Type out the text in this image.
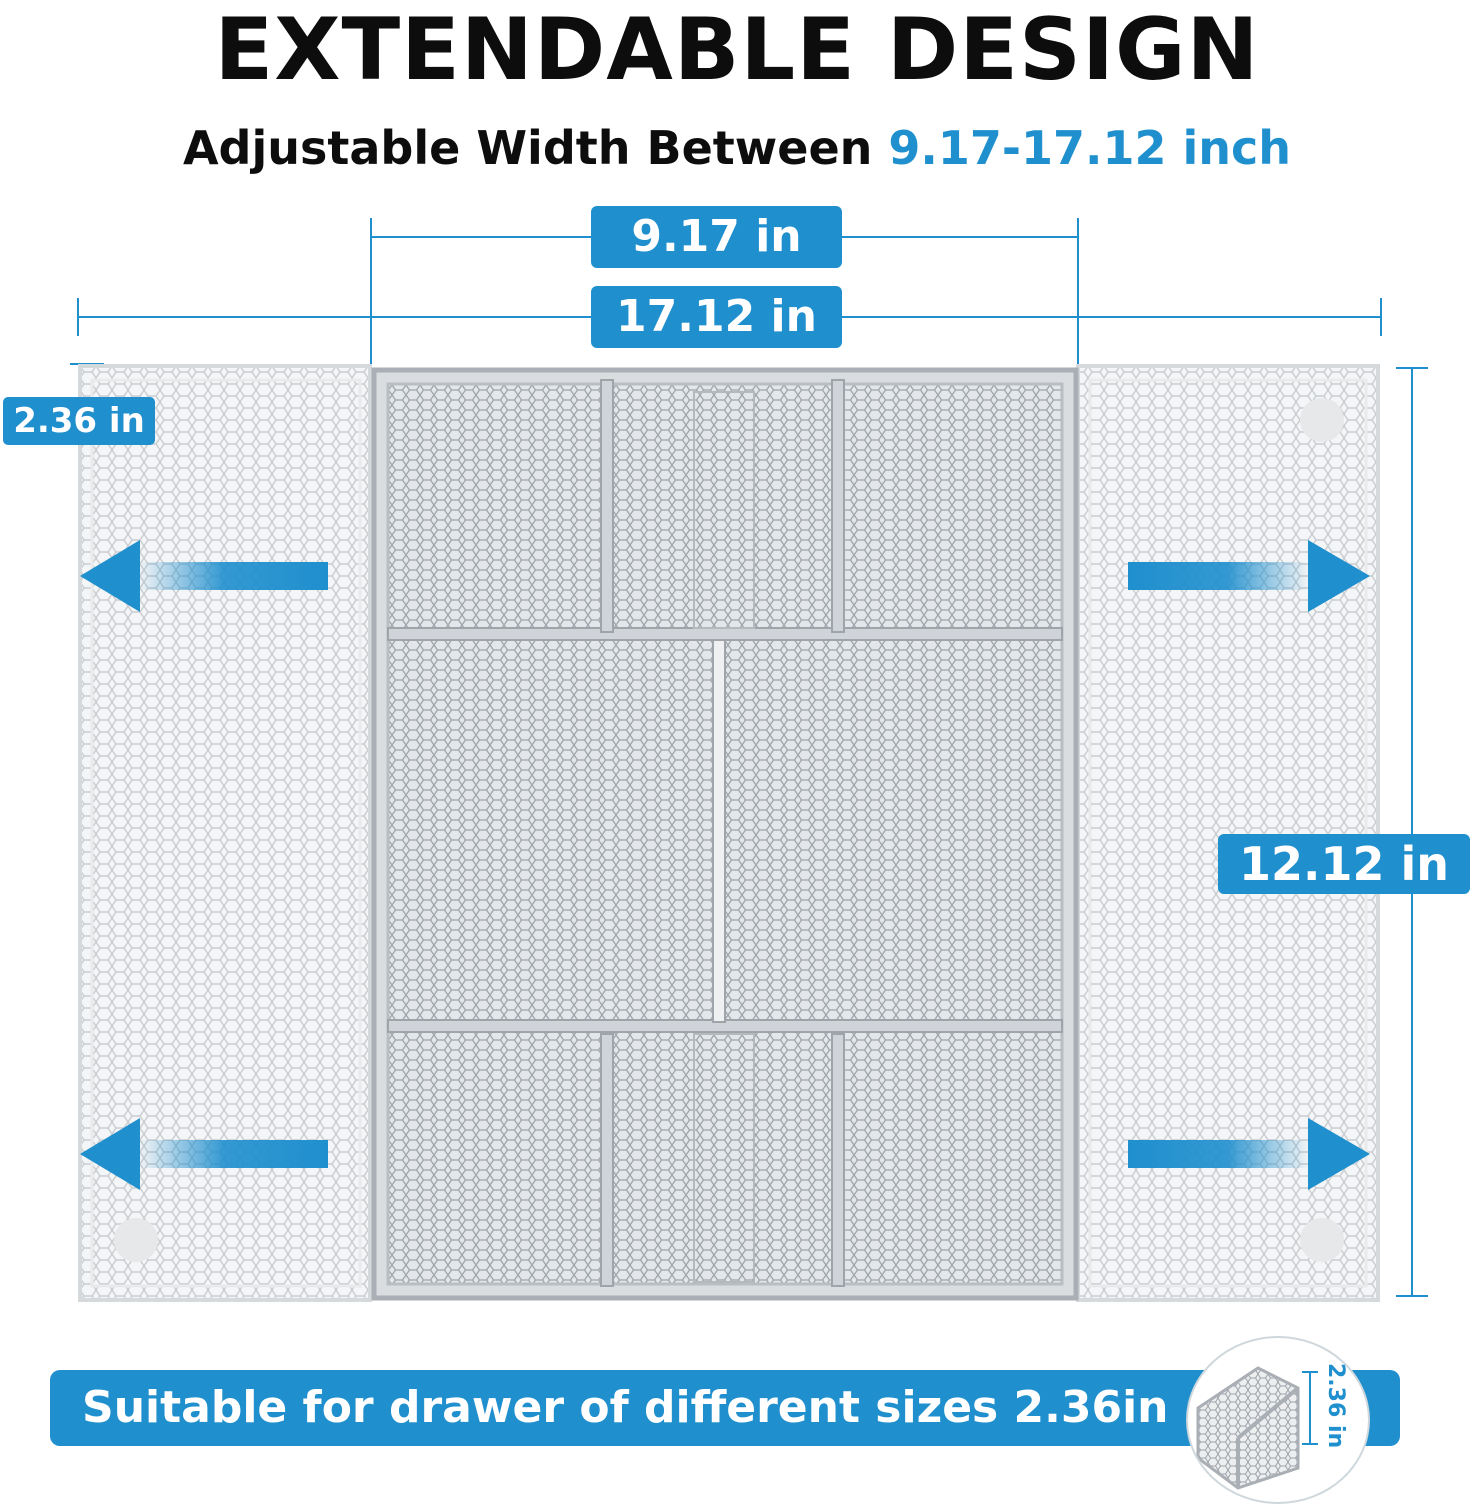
EXTENDABLE DESIGN
Adjustable Width Between 9.17-17.12 inch
9.17 in
17.12 in
2.36 in
12.12 in
Suitable for drawer of different sizes 2.36in	2.36 in
